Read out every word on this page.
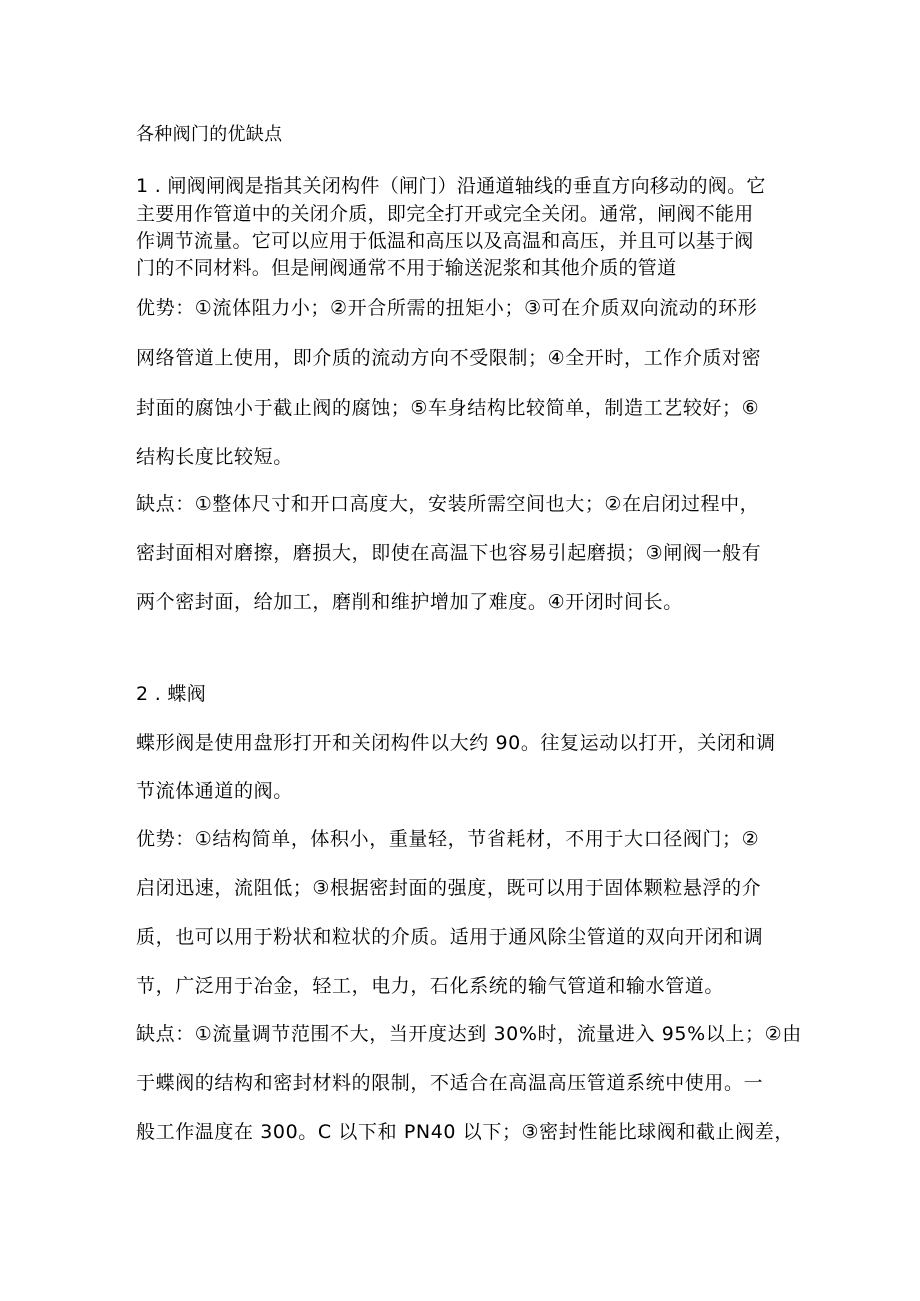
各种阀门的优缺点
1 . 闸阀闸阀是指其关闭构件（闸门）沿通道轴线的垂直方向移动的阀。它
主要用作管道中的关闭介质，即完全打开或完全关闭。通常，闸阀不能用
作调节流量。它可以应用于低温和高压以及高温和高压，并且可以基于阀
门的不同材料。但是闸阀通常不用于输送泥浆和其他介质的管道
优势：①流体阻力小；②开合所需的扭矩小；③可在介质双向流动的环形
网络管道上使用，即介质的流动方向不受限制；④全开时，工作介质对密
封面的腐蚀小于截止阀的腐蚀；⑤车身结构比较简单，制造工艺较好；⑥
结构长度比较短。
缺点：①整体尺寸和开口高度大，安装所需空间也大；②在启闭过程中，
密封面相对磨擦，磨损大，即使在高温下也容易引起磨损；③闸阀一般有
两个密封面，给加工，磨削和维护增加了难度。④开闭时间长。
2 . 蝶阀
蝶形阀是使用盘形打开和关闭构件以大约 90。往复运动以打开，关闭和调
节流体通道的阀。
优势：①结构简单，体积小，重量轻，节省耗材，不用于大口径阀门；②
启闭迅速，流阻低；③根据密封面的强度，既可以用于固体颗粒悬浮的介
质，也可以用于粉状和粒状的介质。适用于通风除尘管道的双向开闭和调
节，广泛用于冶金，轻工，电力，石化系统的输气管道和输水管道。
缺点：①流量调节范围不大，当开度达到 30%时，流量进入 95%以上；②由
于蝶阀的结构和密封材料的限制，不适合在高温高压管道系统中使用。一
般工作温度在 300。C 以下和 PN40 以下；③密封性能比球阀和截止阀差，
